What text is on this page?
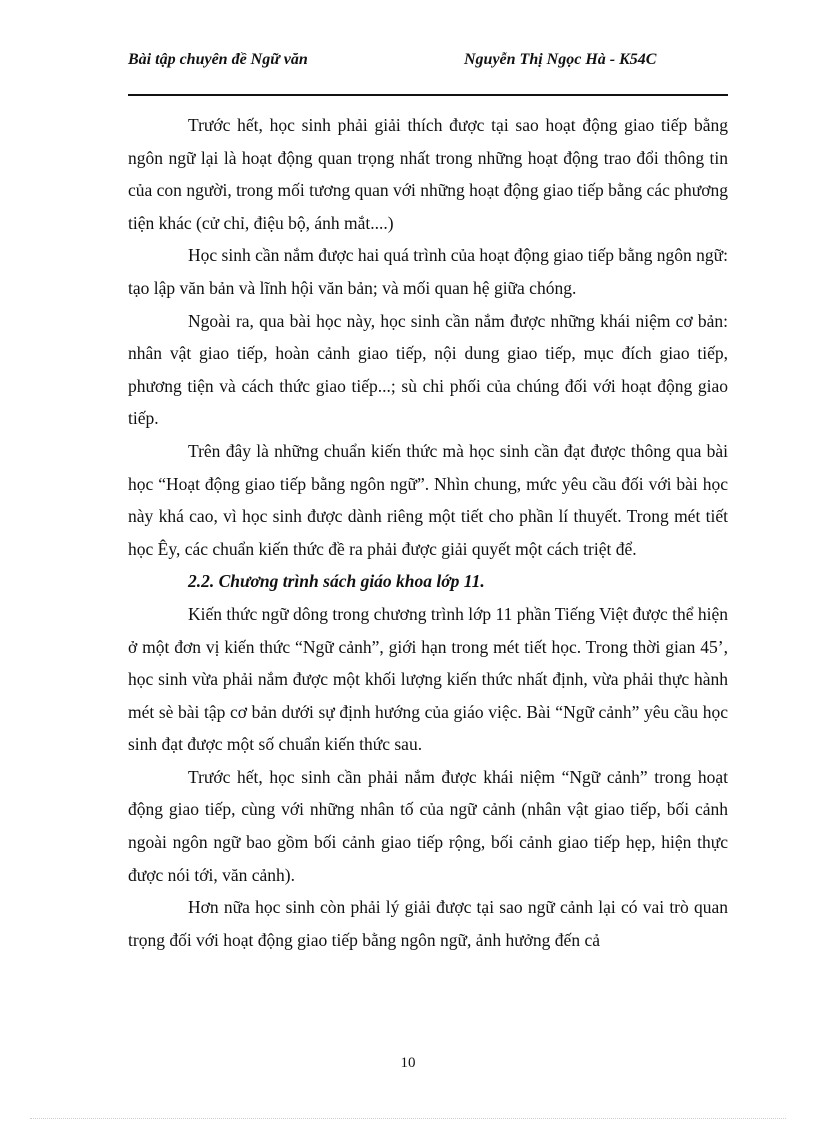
Bài tập chuyên đề Ngữ văn	Nguyễn Thị Ngọc Hà - K54C

Trước hết, học sinh phải giải thích được tại sao hoạt động giao tiếp bằng ngôn ngữ lại là hoạt động quan trọng nhất trong những hoạt động trao đổi thông tin của con người, trong mối tương quan với những hoạt động giao tiếp bằng các phương tiện khác (cử chỉ, điệu bộ, ánh mắt....)

Học sinh cần nắm được hai quá trình của hoạt động giao tiếp bằng ngôn ngữ: tạo lập văn bản và lĩnh hội văn bản; và mối quan hệ giữa chóng.

Ngoài ra, qua bài học này, học sinh cần nắm được những khái niệm cơ bản: nhân vật giao tiếp, hoàn cảnh giao tiếp, nội dung giao tiếp, mục đích giao tiếp, phương tiện và cách thức giao tiếp...; sù chi phối của chúng đối với hoạt động giao tiếp.

Trên đây là những chuẩn kiến thức mà học sinh cần đạt được thông qua bài học “Hoạt động giao tiếp bằng ngôn ngữ”. Nhìn chung, mức yêu cầu đối với bài học này khá cao, vì học sinh được dành riêng một tiết cho phần lí thuyết. Trong mét tiết học Êy, các chuẩn kiến thức đề ra phải được giải quyết một cách triệt để.

2.2. Chương trình sách giáo khoa lớp 11.

Kiến thức ngữ dông trong chương trình lớp 11 phần Tiếng Việt được thể hiện ở một đơn vị kiến thức “Ngữ cảnh”, giới hạn trong mét tiết học. Trong thời gian 45’, học sinh vừa phải nắm được một khối lượng kiến thức nhất định, vừa phải thực hành mét sè bài tập cơ bản dưới sự định hướng của giáo việc. Bài “Ngữ cảnh” yêu cầu học sinh đạt được một số chuẩn kiến thức sau.

Trước hết, học sinh cần phải nắm được khái niệm “Ngữ cảnh” trong hoạt động giao tiếp, cùng với những nhân tố của ngữ cảnh (nhân vật giao tiếp, bối cảnh ngoài ngôn ngữ bao gồm bối cảnh giao tiếp rộng, bối cảnh giao tiếp hẹp, hiện thực được nói tới, văn cảnh).

Hơn nữa học sinh còn phải lý giải được tại sao ngữ cảnh lại có vai trò quan trọng đối với hoạt động giao tiếp bằng ngôn ngữ, ảnh hưởng đến cả

10
